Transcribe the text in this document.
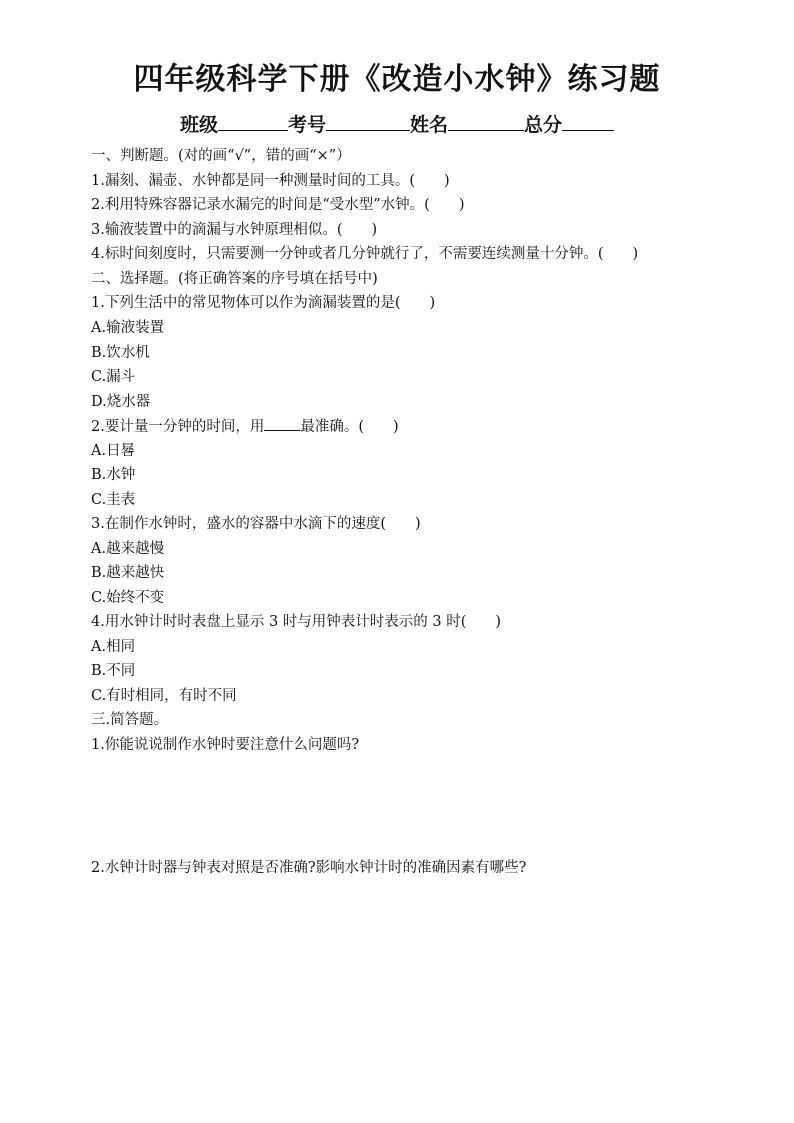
四年级科学下册《改造小水钟》练习题
班级	考号	姓名	总分
一、判断题。(对的画“√”，错的画“×”）
1.漏刻、漏壶、水钟都是同一种测量时间的工具。(　　)
2.利用特殊容器记录水漏完的时间是“受水型”水钟。(　　)
3.输液装置中的滴漏与水钟原理相似。(　　)
4.标时间刻度时，只需要测一分钟或者几分钟就行了，不需要连续测量十分钟。(　　)
二、选择题。(将正确答案的序号填在括号中)
1.下列生活中的常见物体可以作为滴漏装置的是(　　)
A.输液装置
B.饮水机
C.漏斗
D.烧水器
2.要计量一分钟的时间，用 最准确。(　　)
A.日晷
B.水钟
C.圭表
3.在制作水钟时，盛水的容器中水滴下的速度(　　)
A.越来越慢
B.越来越快
C.始终不变
4.用水钟计时时表盘上显示 3 时与用钟表计时表示的 3 时(　　)
A.相同
B.不同
C.有时相同，有时不同
三.简答题。
1.你能说说制作水钟时要注意什么问题吗?
2.水钟计时器与钟表对照是否准确?影响水钟计时的准确因素有哪些?
